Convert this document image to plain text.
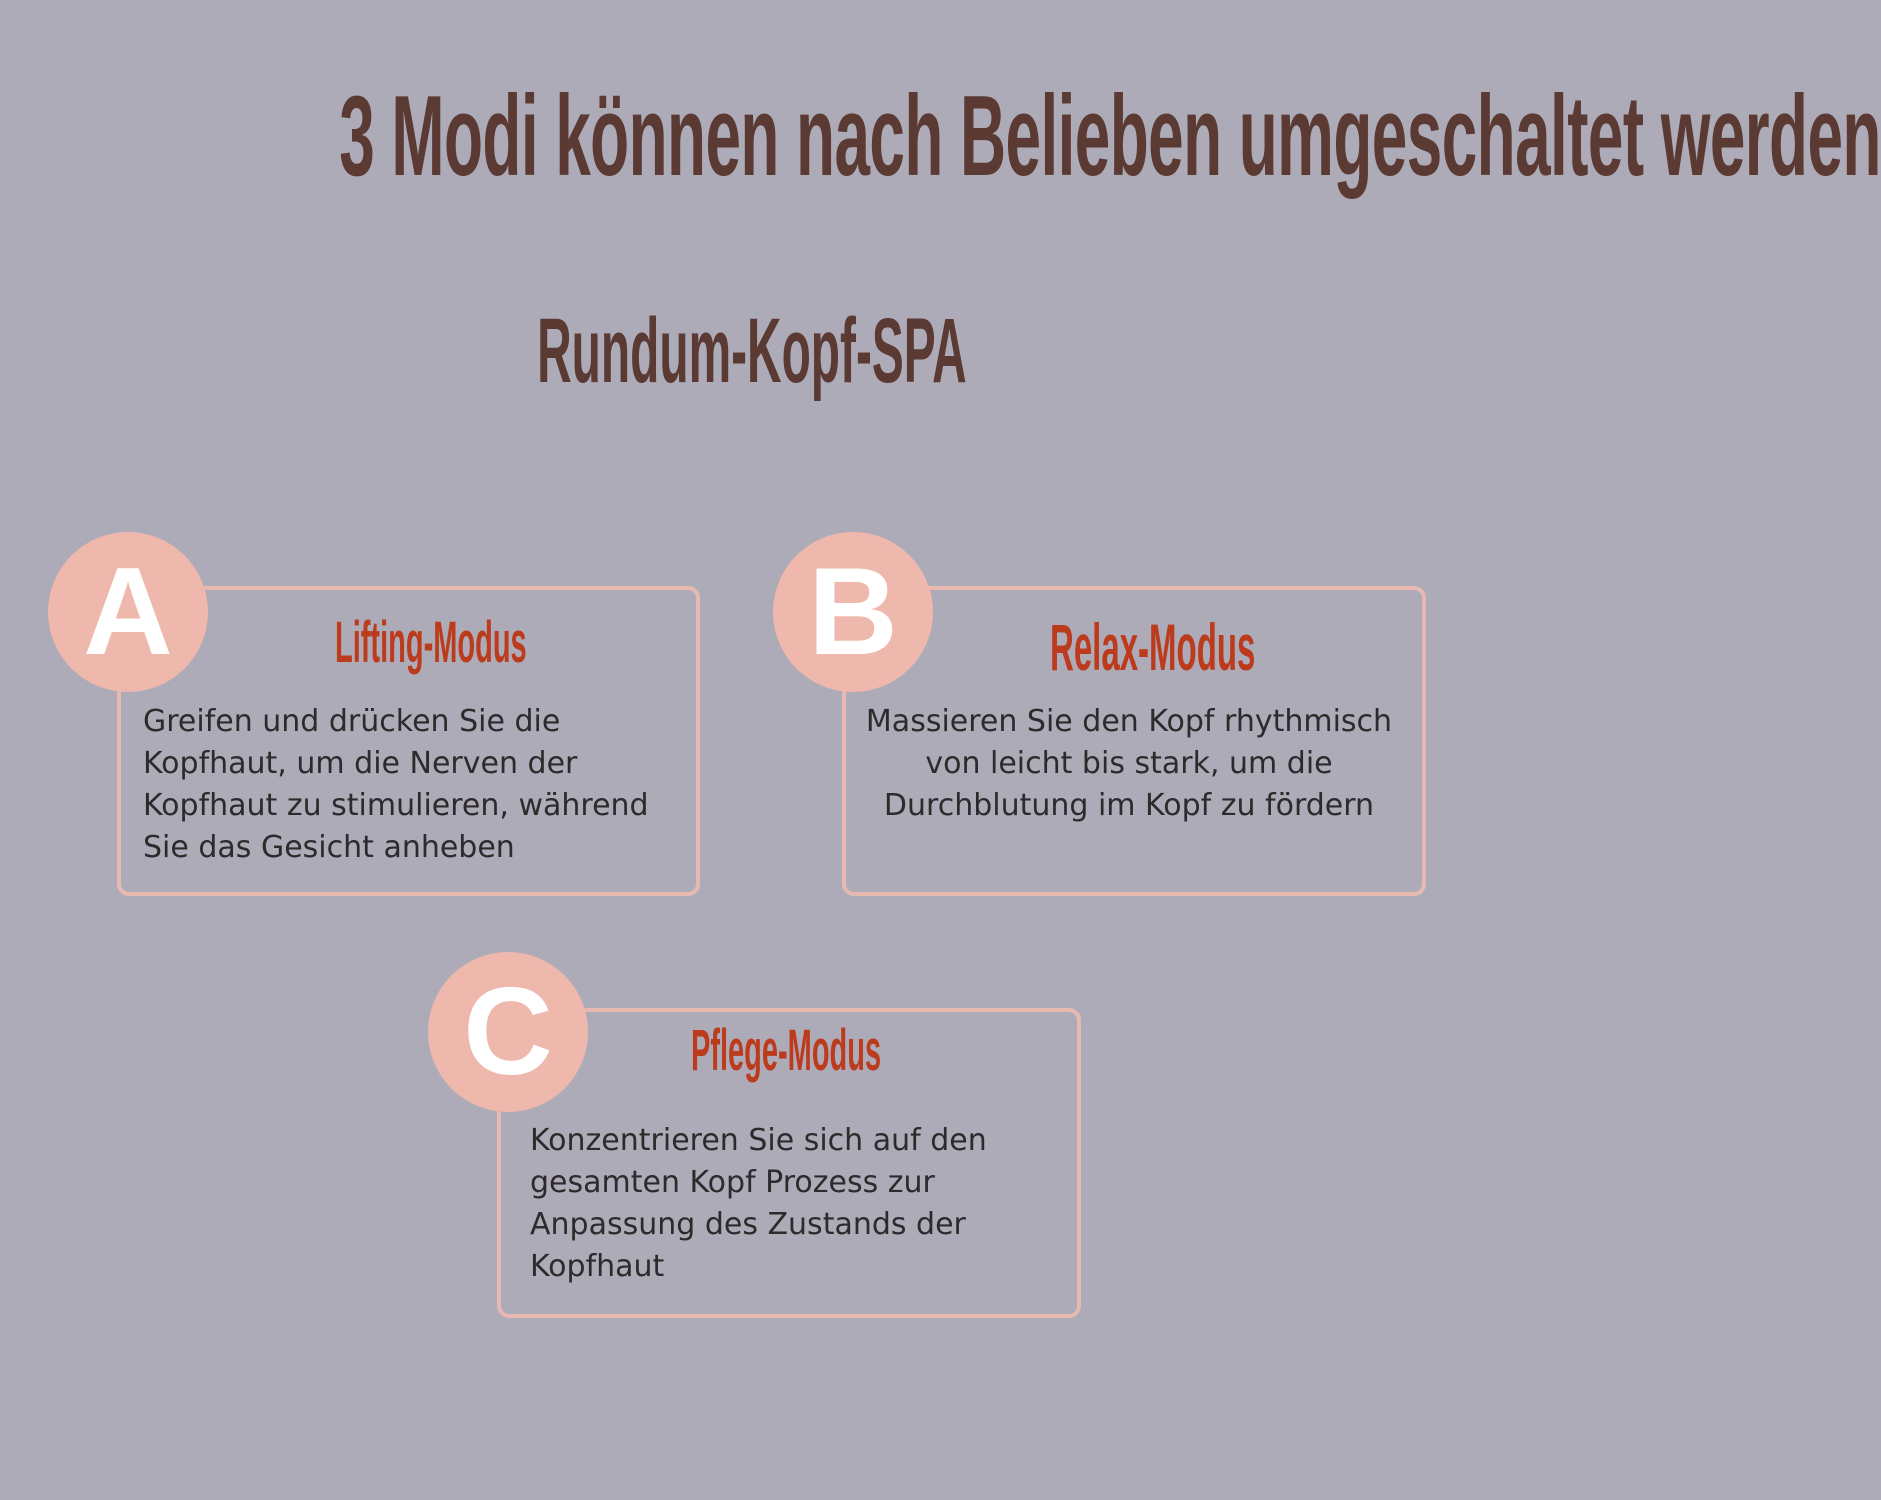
3 Modi können nach Belieben umgeschaltet werden
Rundum-Kopf-SPA
A	Lifting-Modus
Greifen und drücken Sie die Kopfhaut, um die Nerven der Kopfhaut zu stimulieren, während Sie das Gesicht anheben
B	Relax-Modus
Massieren Sie den Kopf rhythmisch von leicht bis stark, um die Durchblutung im Kopf zu fördern
C	Pflege-Modus
Konzentrieren Sie sich auf den gesamten Kopf Prozess zur Anpassung des Zustands der Kopfhaut
